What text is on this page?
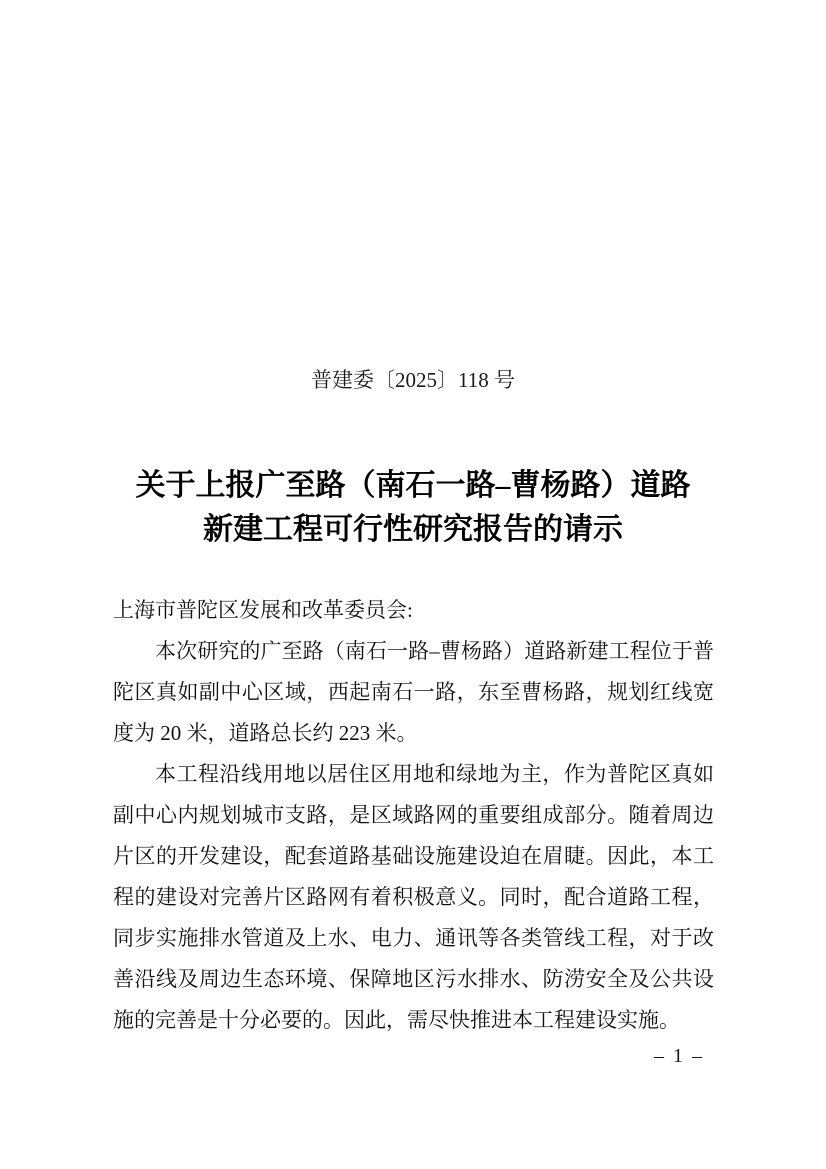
普建委〔2025〕118 号
关于上报广至路（南石一路–曹杨路）道路
新建工程可行性研究报告的请示

上海市普陀区发展和改革委员会:

本次研究的广至路（南石一路–曹杨路）道路新建工程位于普陀区真如副中心区域，西起南石一路，东至曹杨路，规划红线宽度为 20 米，道路总长约 223 米。

本工程沿线用地以居住区用地和绿地为主，作为普陀区真如副中心内规划城市支路，是区域路网的重要组成部分。随着周边片区的开发建设，配套道路基础设施建设迫在眉睫。因此，本工程的建设对完善片区路网有着积极意义。同时，配合道路工程，同步实施排水管道及上水、电力、通讯等各类管线工程，对于改善沿线及周边生态环境、保障地区污水排水、防涝安全及公共设施的完善是十分必要的。因此，需尽快推进本工程建设实施。

– 1 –
